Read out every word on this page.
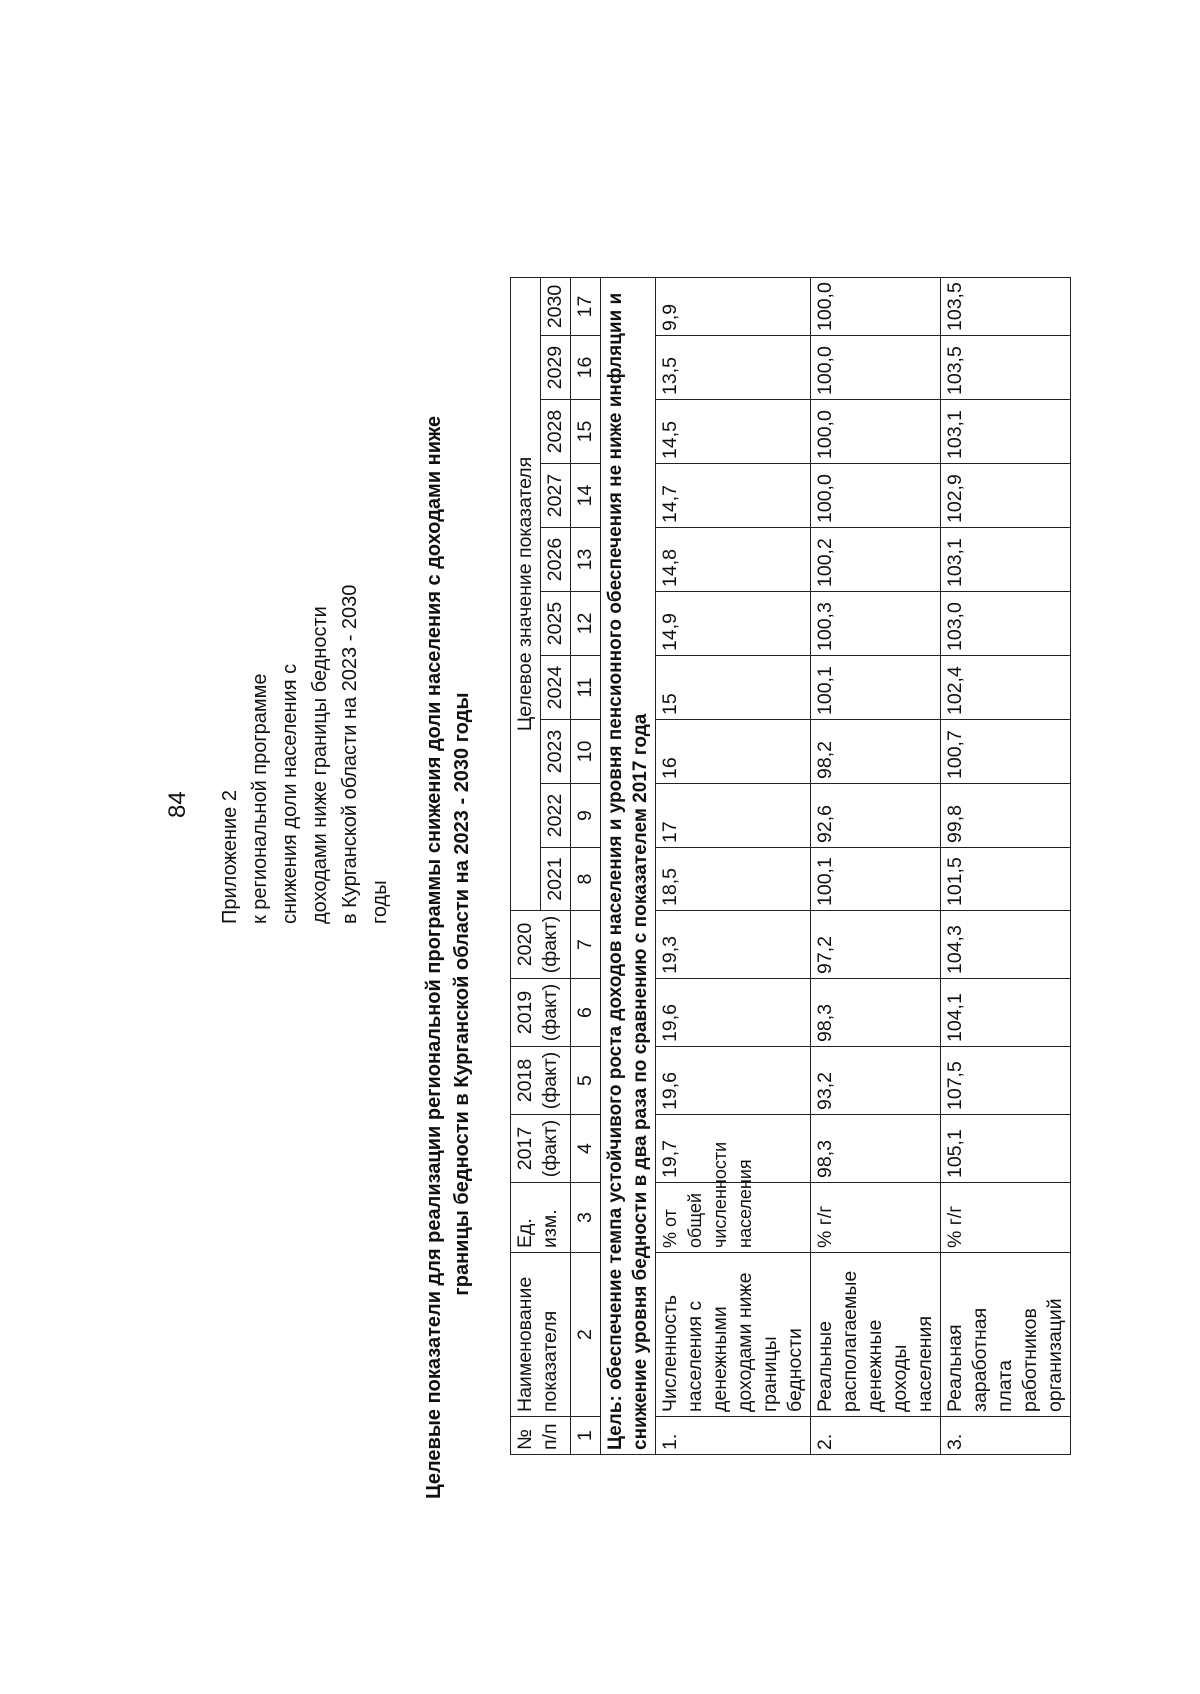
84 Приложение 2 к региональной программе снижения доли населения с доходами ниже границы бедности в Курганской области на 2023 - 2030 годы Целевые показатели для реализации региональной программы снижения доли населения с доходами ниже границы бедности в Курганской области на 2023 - 2030 годы
№ п/п	Наименование показателя	Ед. изм.	2017 (факт)	2018 (факт)	2019 (факт)	2020 (факт)	Целевое значение показателя									
							2021	2022	2023	2024	2025	2026	2027	2028	2029	2030
1	2	3	4	5	6	7	8	9	10	11	12	13	14	15	16	17
Цель: обеспечение темпа устойчивого роста доходов населения и уровня пенсионного обеспечения не ниже инфляции и снижение уровня бедности в два раза по сравнению с показателем 2017 года																
1.	Численность населения с денежными доходами ниже границы бедности	% от общей численности населения	19,7	19,6	19,6	19,3	18,5	17	16	15	14,9	14,8	14,7	14,5	13,5	9,9
2.	Реальные располагаемые денежные доходы населения	% г/г	98,3	93,2	98,3	97,2	100,1	92,6	98,2	100,1	100,3	100,2	100,0	100,0	100,0	100,0
3.	Реальная заработная плата работников организаций	% г/г	105,1	107,5	104,1	104,3	101,5	99,8	100,7	102,4	103,0	103,1	102,9	103,1	103,5	103,5
